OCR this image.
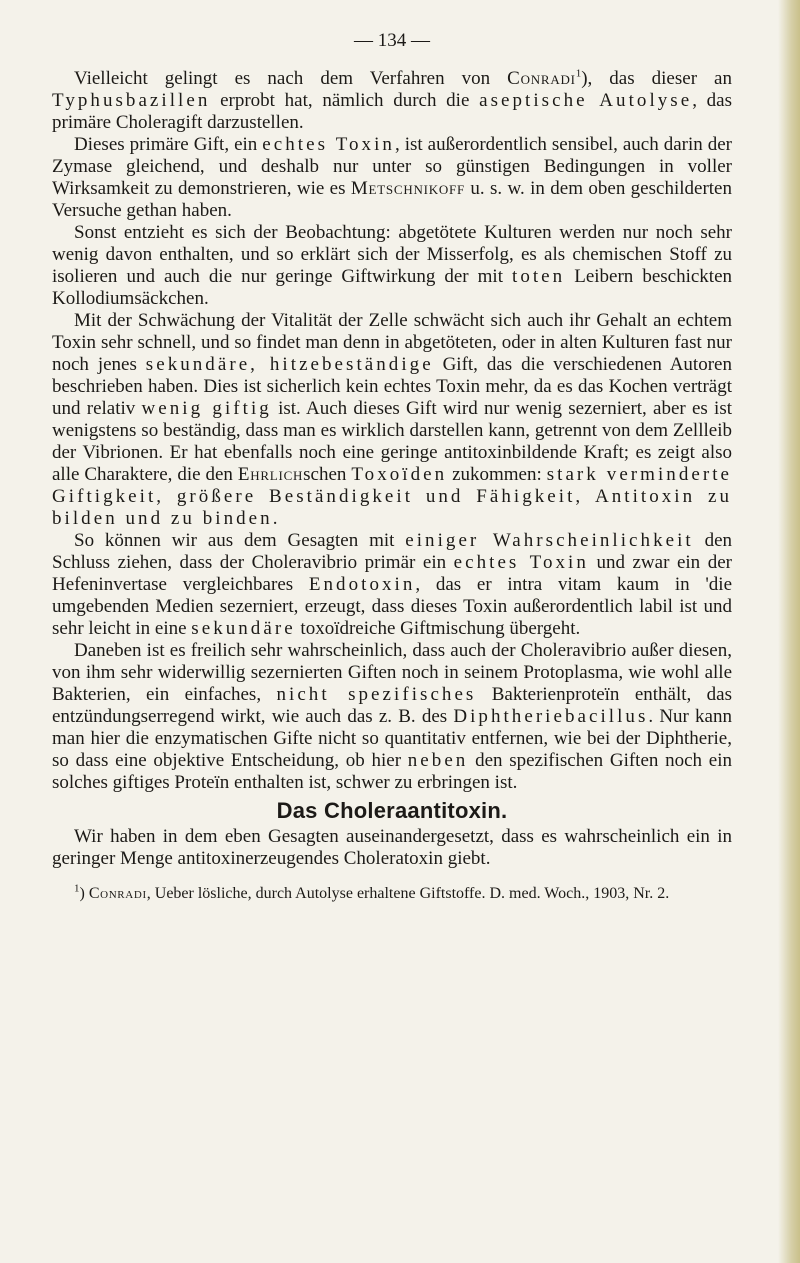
— 134 —

Vielleicht gelingt es nach dem Verfahren von Conradi$^1$), das dieser an Typhusbazillen erprobt hat, nämlich durch die aseptische Autolyse, das primäre Choleragift darzustellen.

Dieses primäre Gift, ein echtes Toxin, ist außerordentlich sensibel, auch darin der Zymase gleichend, und deshalb nur unter so günstigen Bedingungen in voller Wirksamkeit zu demonstrieren, wie es Metschnikoff u. s. w. in dem oben geschilderten Versuche gethan haben.

Sonst entzieht es sich der Beobachtung: abgetötete Kulturen werden nur noch sehr wenig davon enthalten, und so erklärt sich der Misserfolg, es als chemischen Stoff zu isolieren und auch die nur geringe Giftwirkung der mit toten Leibern beschickten Kollodiumsäckchen.

Mit der Schwächung der Vitalität der Zelle schwächt sich auch ihr Gehalt an echtem Toxin sehr schnell, und so findet man denn in abgetöteten, oder in alten Kulturen fast nur noch jenes sekundäre, hitzebeständige Gift, das die verschiedenen Autoren beschrieben haben. Dies ist sicherlich kein echtes Toxin mehr, da es das Kochen verträgt und relativ wenig giftig ist. Auch dieses Gift wird nur wenig sezerniert, aber es ist wenigstens so beständig, dass man es wirklich darstellen kann, getrennt von dem Zellleib der Vibrionen. Er hat ebenfalls noch eine geringe antitoxinbildende Kraft; es zeigt also alle Charaktere, die den Ehrlichschen Toxoïden zukommen: stark verminderte Giftigkeit, größere Beständigkeit und Fähigkeit, Antitoxin zu bilden und zu binden.

So können wir aus dem Gesagten mit einiger Wahrscheinlichkeit den Schluss ziehen, dass der Choleravibrio primär ein echtes Toxin und zwar ein der Hefeninvertase vergleichbares Endotoxin, das er intra vitam kaum in 'die umgebenden Medien sezerniert, erzeugt, dass dieses Toxin außerordentlich labil ist und sehr leicht in eine sekundäre toxoïdreiche Giftmischung übergeht.

Daneben ist es freilich sehr wahrscheinlich, dass auch der Choleravibrio außer diesen, von ihm sehr widerwillig sezernierten Giften noch in seinem Protoplasma, wie wohl alle Bakterien, ein einfaches, nicht spezifisches Bakterienproteïn enthält, das entzündungserregend wirkt, wie auch das z. B. des Diphtheriebacillus. Nur kann man hier die enzymatischen Gifte nicht so quantitativ entfernen, wie bei der Diphtherie, so dass eine objektive Entscheidung, ob hier neben den spezifischen Giften noch ein solches giftiges Proteïn enthalten ist, schwer zu erbringen ist.

Das Choleraantitoxin.

Wir haben in dem eben Gesagten auseinandergesetzt, dass es wahrscheinlich ein in geringer Menge antitoxinerzeugendes Choleratoxin giebt.

$^1$) Conradi, Ueber lösliche, durch Autolyse erhaltene Giftstoffe. D. med. Woch., 1903, Nr. 2.
